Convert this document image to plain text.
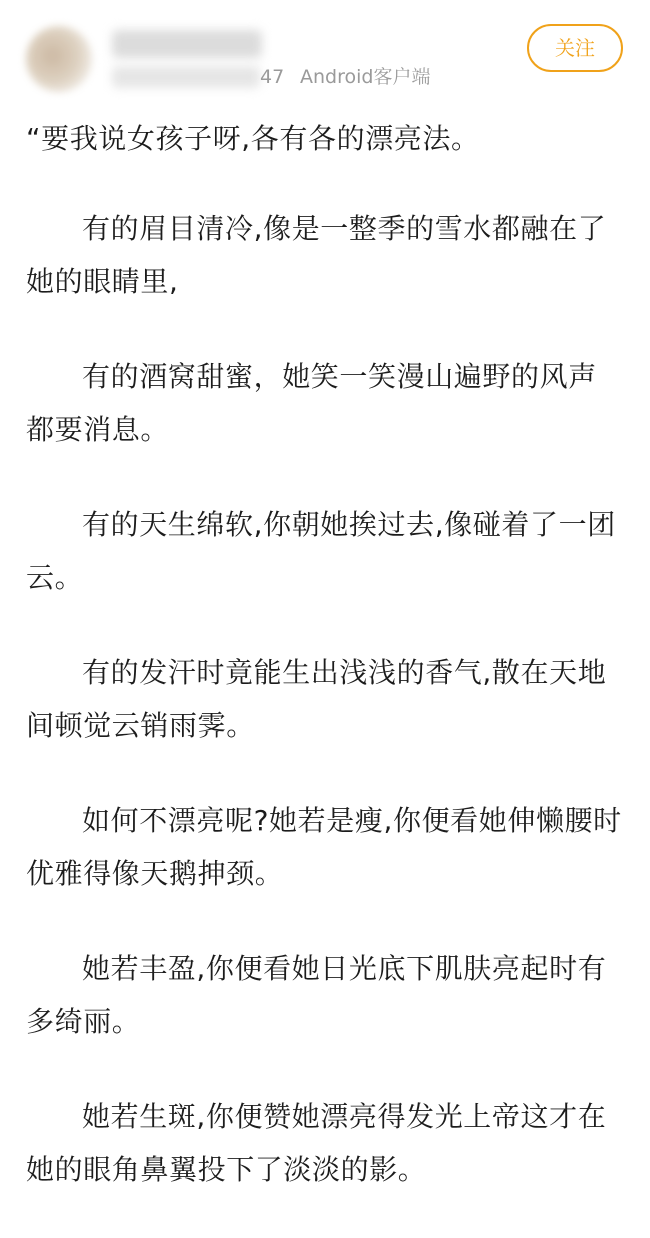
47 Android客户端
关注

“要我说女孩子呀,各有各的漂亮法。

有的眉目清冷,像是一整季的雪水都融在了她的眼睛里,

有的酒窝甜蜜，她笑一笑漫山遍野的风声都要消息。

有的天生绵软,你朝她挨过去,像碰着了一团云。

有的发汗时竟能生出浅浅的香气,散在天地间顿觉云销雨霁。

如何不漂亮呢?她若是瘦,你便看她伸懒腰时优雅得像天鹅抻颈。

她若丰盈,你便看她日光底下肌肤亮起时有多绮丽。

她若生斑,你便赞她漂亮得发光上帝这才在她的眼角鼻翼投下了淡淡的影。
